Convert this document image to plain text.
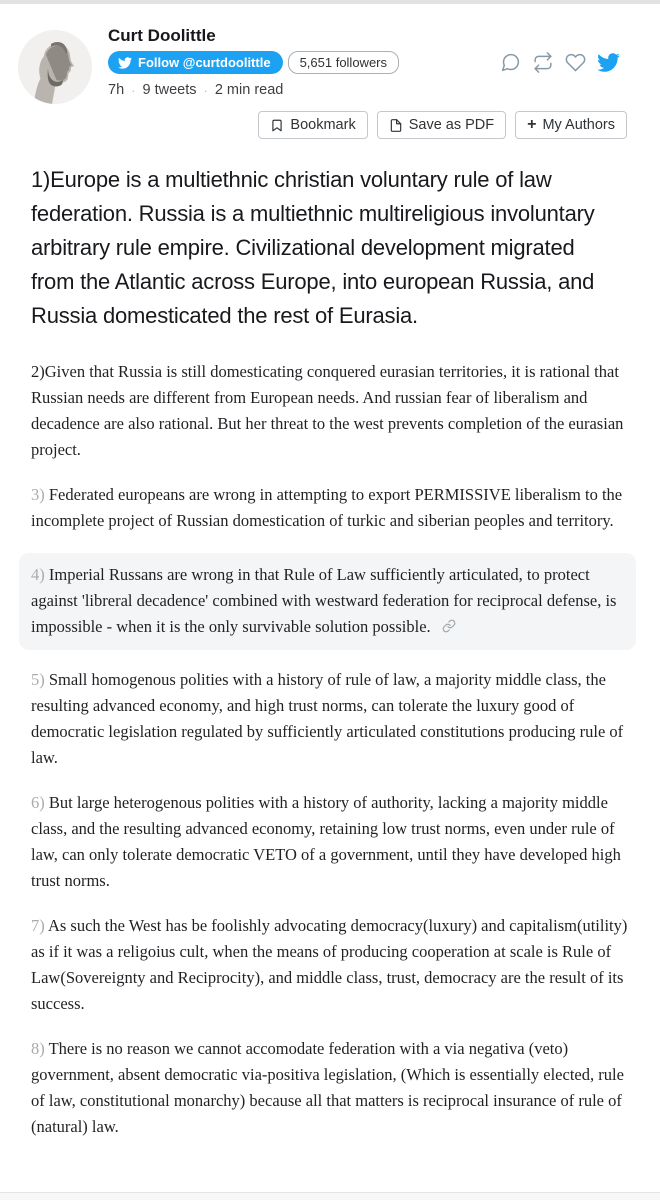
Curt Doolittle
Follow @curtdoolittle 5,651 followers
7h · 9 tweets · 2 min read
Bookmark	Save as PDF + My Authors

1)Europe is a multiethnic christian voluntary rule of law federation. Russia is a multiethnic multireligious involuntary arbitrary rule empire. Civilizational development migrated from the Atlantic across Europe, into european Russia, and Russia domesticated the rest of Eurasia.

2)Given that Russia is still domesticating conquered eurasian territories, it is rational that Russian needs are different from European needs. And russian fear of liberalism and decadence are also rational. But her threat to the west prevents completion of the eurasian project.

3) Federated europeans are wrong in attempting to export PERMISSIVE liberalism to the incomplete project of Russian domestication of turkic and siberian peoples and territory.

4) Imperial Russans are wrong in that Rule of Law sufficiently articulated, to protect against 'libreral decadence' combined with westward federation for reciprocal defense, is impossible - when it is the only survivable solution possible.

5) Small homogenous polities with a history of rule of law, a majority middle class, the resulting advanced economy, and high trust norms, can tolerate the luxury good of democratic legislation regulated by sufficiently articulated constitutions producing rule of law.

6) But large heterogenous polities with a history of authority, lacking a majority middle class, and the resulting advanced economy, retaining low trust norms, even under rule of law, can only tolerate democratic VETO of a government, until they have developed high trust norms.

7) As such the West has be foolishly advocating democracy(luxury) and capitalism(utility) as if it was a religoius cult, when the means of producing cooperation at scale is Rule of Law(Sovereignty and Reciprocity), and middle class, trust, democracy are the result of its success.

8) There is no reason we cannot accomodate federation with a via negativa (veto) government, absent democratic via-positiva legislation, (Which is essentially elected, rule of law, constitutional monarchy) because all that matters is reciprocal insurance of rule of (natural) law.
